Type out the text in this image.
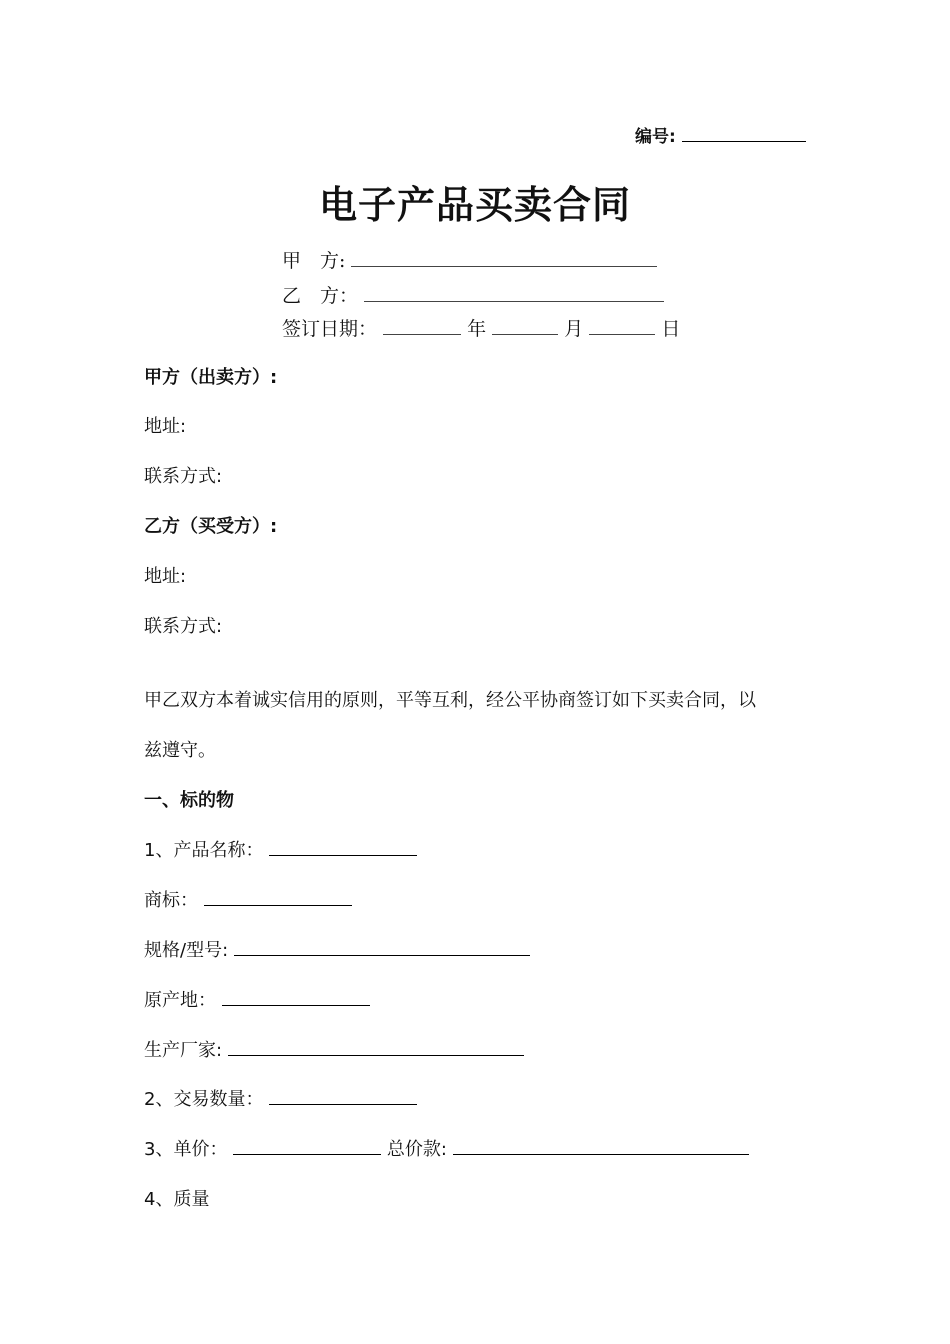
编号:
电子产品买卖合同
甲　方:
乙　方：
签订日期：	年	月	日
甲方（出卖方）:
地址:
联系方式:
乙方（买受方）:
地址:
联系方式:
甲乙双方本着诚实信用的原则，平等互利，经公平协商签订如下买卖合同，以
兹遵守。
一、标的物
1、产品名称：
商标：
规格/型号:
原产地：
生产厂家:
2、交易数量：
3、单价：	总价款:
4、质量
